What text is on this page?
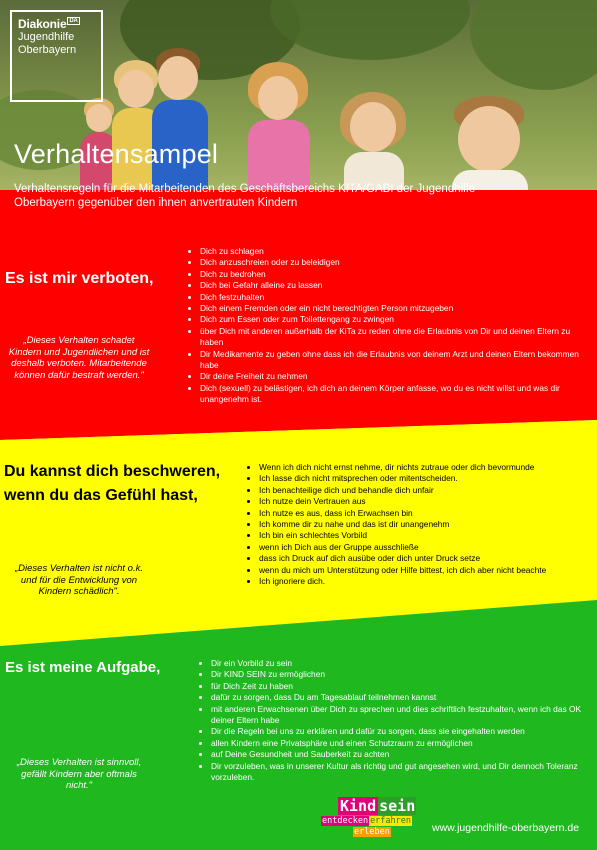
Diakonie DA
Jugendhilfe
Oberbayern
Verhaltensampel

Verhaltensregeln für die Mitarbeitenden des Geschäftsbereichs KITA/GABI der Jugendhilfe Oberbayern gegenüber den ihnen anvertrauten Kindern

Es ist mir verboten,

„Dieses Verhalten schadet Kindern und Jugendlichen und ist deshalb verboten. Mitarbeitende können dafür bestraft werden."

Dich zu schlagen
Dich anzuschreien oder zu beleidigen
Dich zu bedrohen
Dich bei Gefahr alleine zu lassen
Dich festzuhalten
Dich einem Fremden oder ein nicht berechtigten Person mitzugeben
Dich zum Essen oder zum Toilettengang zu zwingen
über Dich mit anderen außerhalb der KiTa zu reden ohne die Erlaubnis von Dir und deinen Eltern zu haben
Dir Medikamente zu geben ohne dass ich die Erlaubnis von deinem Arzt und deinen Eltern bekommen habe
Dir deine Freiheit zu nehmen
Dich (sexuell) zu belästigen, ich dich an deinem Körper anfasse, wo du es nicht willst und was dir unangenehm ist.
Du kannst dich beschweren,
wenn du das Gefühl hast,

„Dieses Verhalten ist nicht o.k. und für die Entwicklung von Kindern schädlich".

Wenn ich dich nicht ernst nehme, dir nichts zutraue oder dich bevormunde
Ich lasse dich nicht mitsprechen oder mitentscheiden.
Ich benachteilige dich und behandle dich unfair
Ich nutze dein Vertrauen aus
Ich nutze es aus, dass ich Erwachsen bin
Ich komme dir zu nahe und das ist dir unangenehm
Ich bin ein schlechtes Vorbild
wenn ich Dich aus der Gruppe ausschließe
dass ich Druck auf dich ausübe oder dich unter Druck setze
wenn du mich um Unterstützung oder Hilfe bittest, ich dich aber nicht beachte
Ich ignoriere dich.
Es ist meine Aufgabe,

„Dieses Verhalten ist sinnvoll, gefällt Kindern aber oftmals nicht."

Dir ein Vorbild zu sein
Dir KIND SEIN zu ermöglichen
für Dich Zeit zu haben
dafür zu sorgen, dass Du am Tagesablauf teilnehmen kannst
mit anderen Erwachsenen über Dich zu sprechen und dies schriftlich festzuhalten, wenn ich das OK deiner Eltern habe
Dir die Regeln bei uns zu erklären und dafür zu sorgen, dass sie eingehalten werden
allen Kindern eine Privatsphäre und einen Schutzraum zu ermöglichen
auf Deine Gesundheit und Sauberkeit zu achten
Dir vorzuleben, was in unserer Kultur als richtig und gut angesehen wird, und Dir dennoch Toleranz vorzuleben.
Kind sein
entdecken erfahren
erleben	www.jugendhilfe-oberbayern.de
